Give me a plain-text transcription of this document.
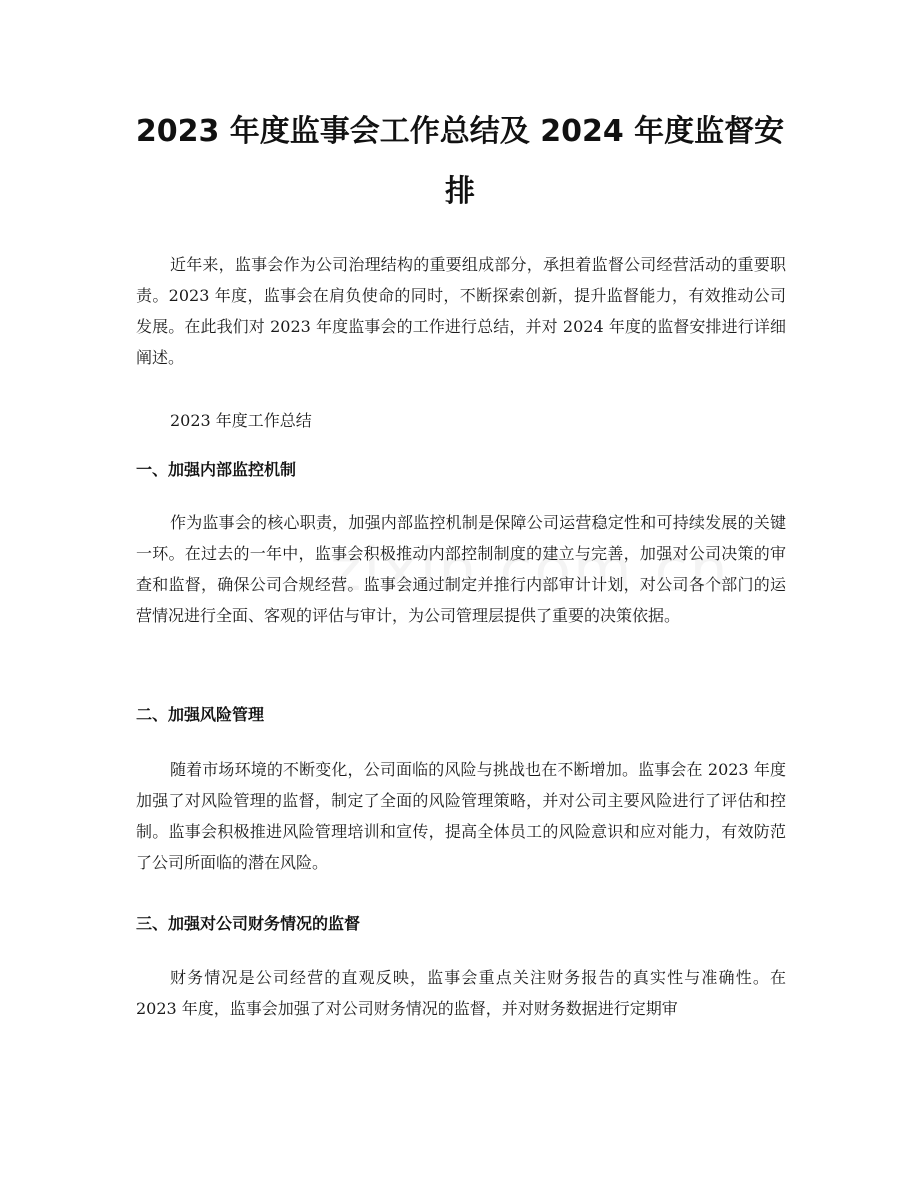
2023 年度监事会工作总结及 2024 年度监督安排

近年来，监事会作为公司治理结构的重要组成部分，承担着监督公司经营活动的重要职责。2023 年度，监事会在肩负使命的同时，不断探索创新，提升监督能力，有效推动公司发展。在此我们对 2023 年度监事会的工作进行总结，并对 2024 年度的监督安排进行详细阐述。

2023 年度工作总结

一、加强内部监控机制

作为监事会的核心职责，加强内部监控机制是保障公司运营稳定性和可持续发展的关键一环。在过去的一年中，监事会积极推动内部控制制度的建立与完善，加强对公司决策的审查和监督，确保公司合规经营。监事会通过制定并推行内部审计计划，对公司各个部门的运营情况进行全面、客观的评估与审计，为公司管理层提供了重要的决策依据。

二、加强风险管理

随着市场环境的不断变化，公司面临的风险与挑战也在不断增加。监事会在 2023 年度加强了对风险管理的监督，制定了全面的风险管理策略，并对公司主要风险进行了评估和控制。监事会积极推进风险管理培训和宣传，提高全体员工的风险意识和应对能力，有效防范了公司所面临的潜在风险。

三、加强对公司财务情况的监督

财务情况是公司经营的直观反映，监事会重点关注财务报告的真实性与准确性。在 2023 年度，监事会加强了对公司财务情况的监督，并对财务数据进行定期审
